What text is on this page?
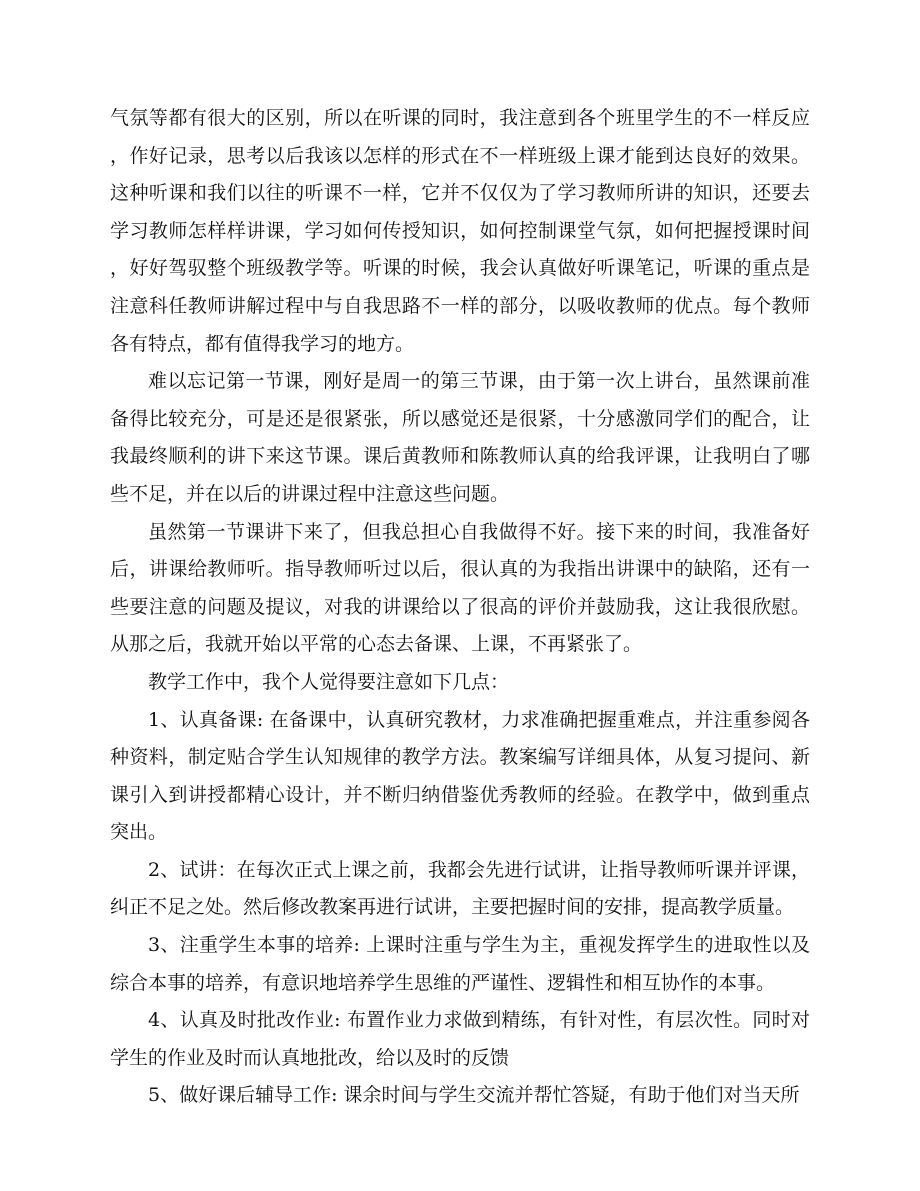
气氛等都有很大的区别，所以在听课的同时，我注意到各个班里学生的不一样反应，作好记录，思考以后我该以怎样的形式在不一样班级上课才能到达良好的效果。这种听课和我们以往的听课不一样，它并不仅仅为了学习教师所讲的知识，还要去学习教师怎样样讲课，学习如何传授知识，如何控制课堂气氛，如何把握授课时间，好好驾驭整个班级教学等。听课的时候，我会认真做好听课笔记，听课的重点是注意科任教师讲解过程中与自我思路不一样的部分，以吸收教师的优点。每个教师各有特点，都有值得我学习的地方。

难以忘记第一节课，刚好是周一的第三节课，由于第一次上讲台，虽然课前准备得比较充分，可是还是很紧张，所以感觉还是很紧，十分感激同学们的配合，让我最终顺利的讲下来这节课。课后黄教师和陈教师认真的给我评课，让我明白了哪些不足，并在以后的讲课过程中注意这些问题。

虽然第一节课讲下来了，但我总担心自我做得不好。接下来的时间，我准备好后，讲课给教师听。指导教师听过以后，很认真的为我指出讲课中的缺陷，还有一些要注意的问题及提议，对我的讲课给以了很高的评价并鼓励我，这让我很欣慰。从那之后，我就开始以平常的心态去备课、上课，不再紧张了。

教学工作中，我个人觉得要注意如下几点：

1、认真备课: 在备课中，认真研究教材，力求准确把握重难点，并注重参阅各种资料，制定贴合学生认知规律的教学方法。教案编写详细具体，从复习提问、新课引入到讲授都精心设计，并不断归纳借鉴优秀教师的经验。在教学中，做到重点突出。

2、试讲：在每次正式上课之前，我都会先进行试讲，让指导教师听课并评课，纠正不足之处。然后修改教案再进行试讲，主要把握时间的安排，提高教学质量。

3、注重学生本事的培养: 上课时注重与学生为主，重视发挥学生的进取性以及综合本事的培养，有意识地培养学生思维的严谨性、逻辑性和相互协作的本事。

4、认真及时批改作业: 布置作业力求做到精练，有针对性，有层次性。同时对学生的作业及时而认真地批改，给以及时的反馈

5、做好课后辅导工作: 课余时间与学生交流并帮忙答疑，有助于他们对当天所
